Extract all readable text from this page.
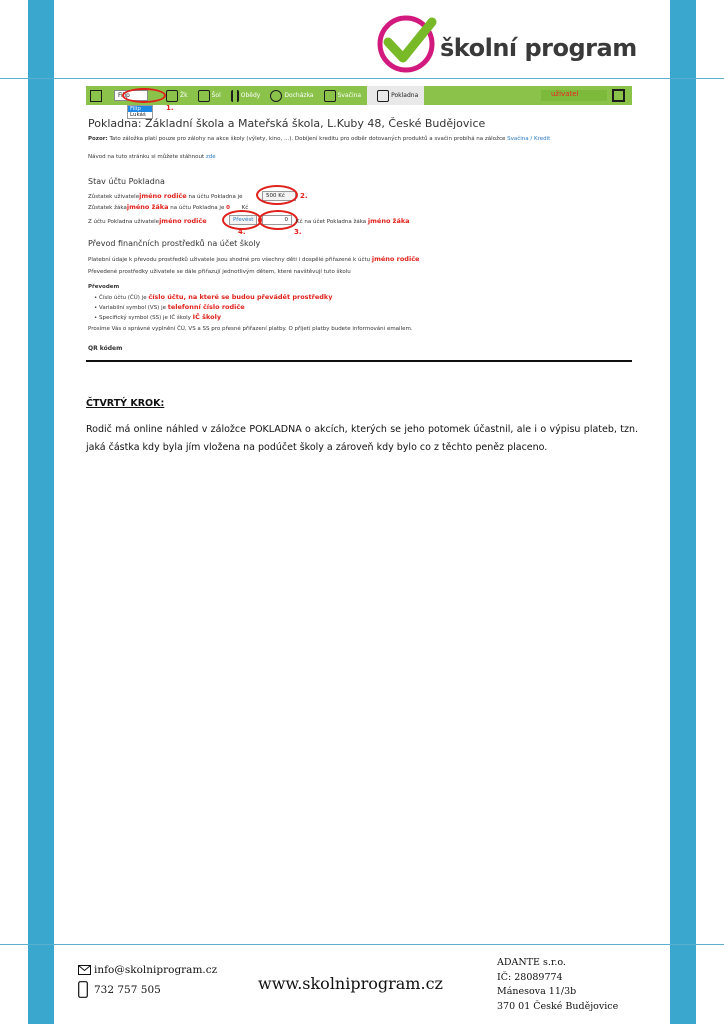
školní program
Filip	Žk	Šol	Obědy	Docházka	Svačina	Pokladna	uživatel
1.
Filip
Lukáš
Pokladna: Základní škola a Mateřská škola, L.Kuby 48, České Budějovice
Pozor: Tato záložka platí pouze pro zálohy na akce školy (výlety, kino, ...). Dobíjení kreditu pro odběr dotovaných produktů a svačin probíhá na záložce Svačina / Kredit
Návod na tuto stránku si můžete stáhnout zde
Stav účtu Pokladna
Zůstatek uživatelejméno rodiče na účtu Pokladna je	500 Kč	2.
Zůstatek žákajméno žáka na účtu Pokladna je 0 Kč
Z účtu Pokladna uživatelejméno rodiče	Převést
4.
0
3.
Kč na účet Pokladna žáka jméno žáka
Převod finančních prostředků na účet školy
Platební údaje k převodu prostředků uživatele jsou shodné pro všechny děti i dospělé přiřazené k účtu jméno rodiče
Převedené prostředky uživatele se dále přiřazují jednotlivým dětem, které navštěvují tuto školu
Převodem
• Číslo účtu (ČÚ) je číslo účtu, na které se budou převádět prostředky
• Variabilní symbol (VS) je telefonní číslo rodiče
• Specifický symbol (SS) je IČ školy IČ školy
Prosíme Vás o správné vyplnění ČÚ, VS a SS pro přesné přiřazení platby. O přijetí platby budete informováni emailem.
QR kódem
ČTVRTÝ KROK:
Rodič má online náhled v záložce POKLADNA o akcích, kterých se jeho potomek účastnil, ale i o výpisu plateb, tzn. jaká částka kdy byla jím vložena na podúčet školy a zároveň kdy bylo co z těchto peněz placeno.
info@skolniprogram.cz
732 757 505	www.skolniprogram.cz
ADANTE s.r.o.
IČ: 28089774
Mánesova 11/3b
370 01 České Budějovice
